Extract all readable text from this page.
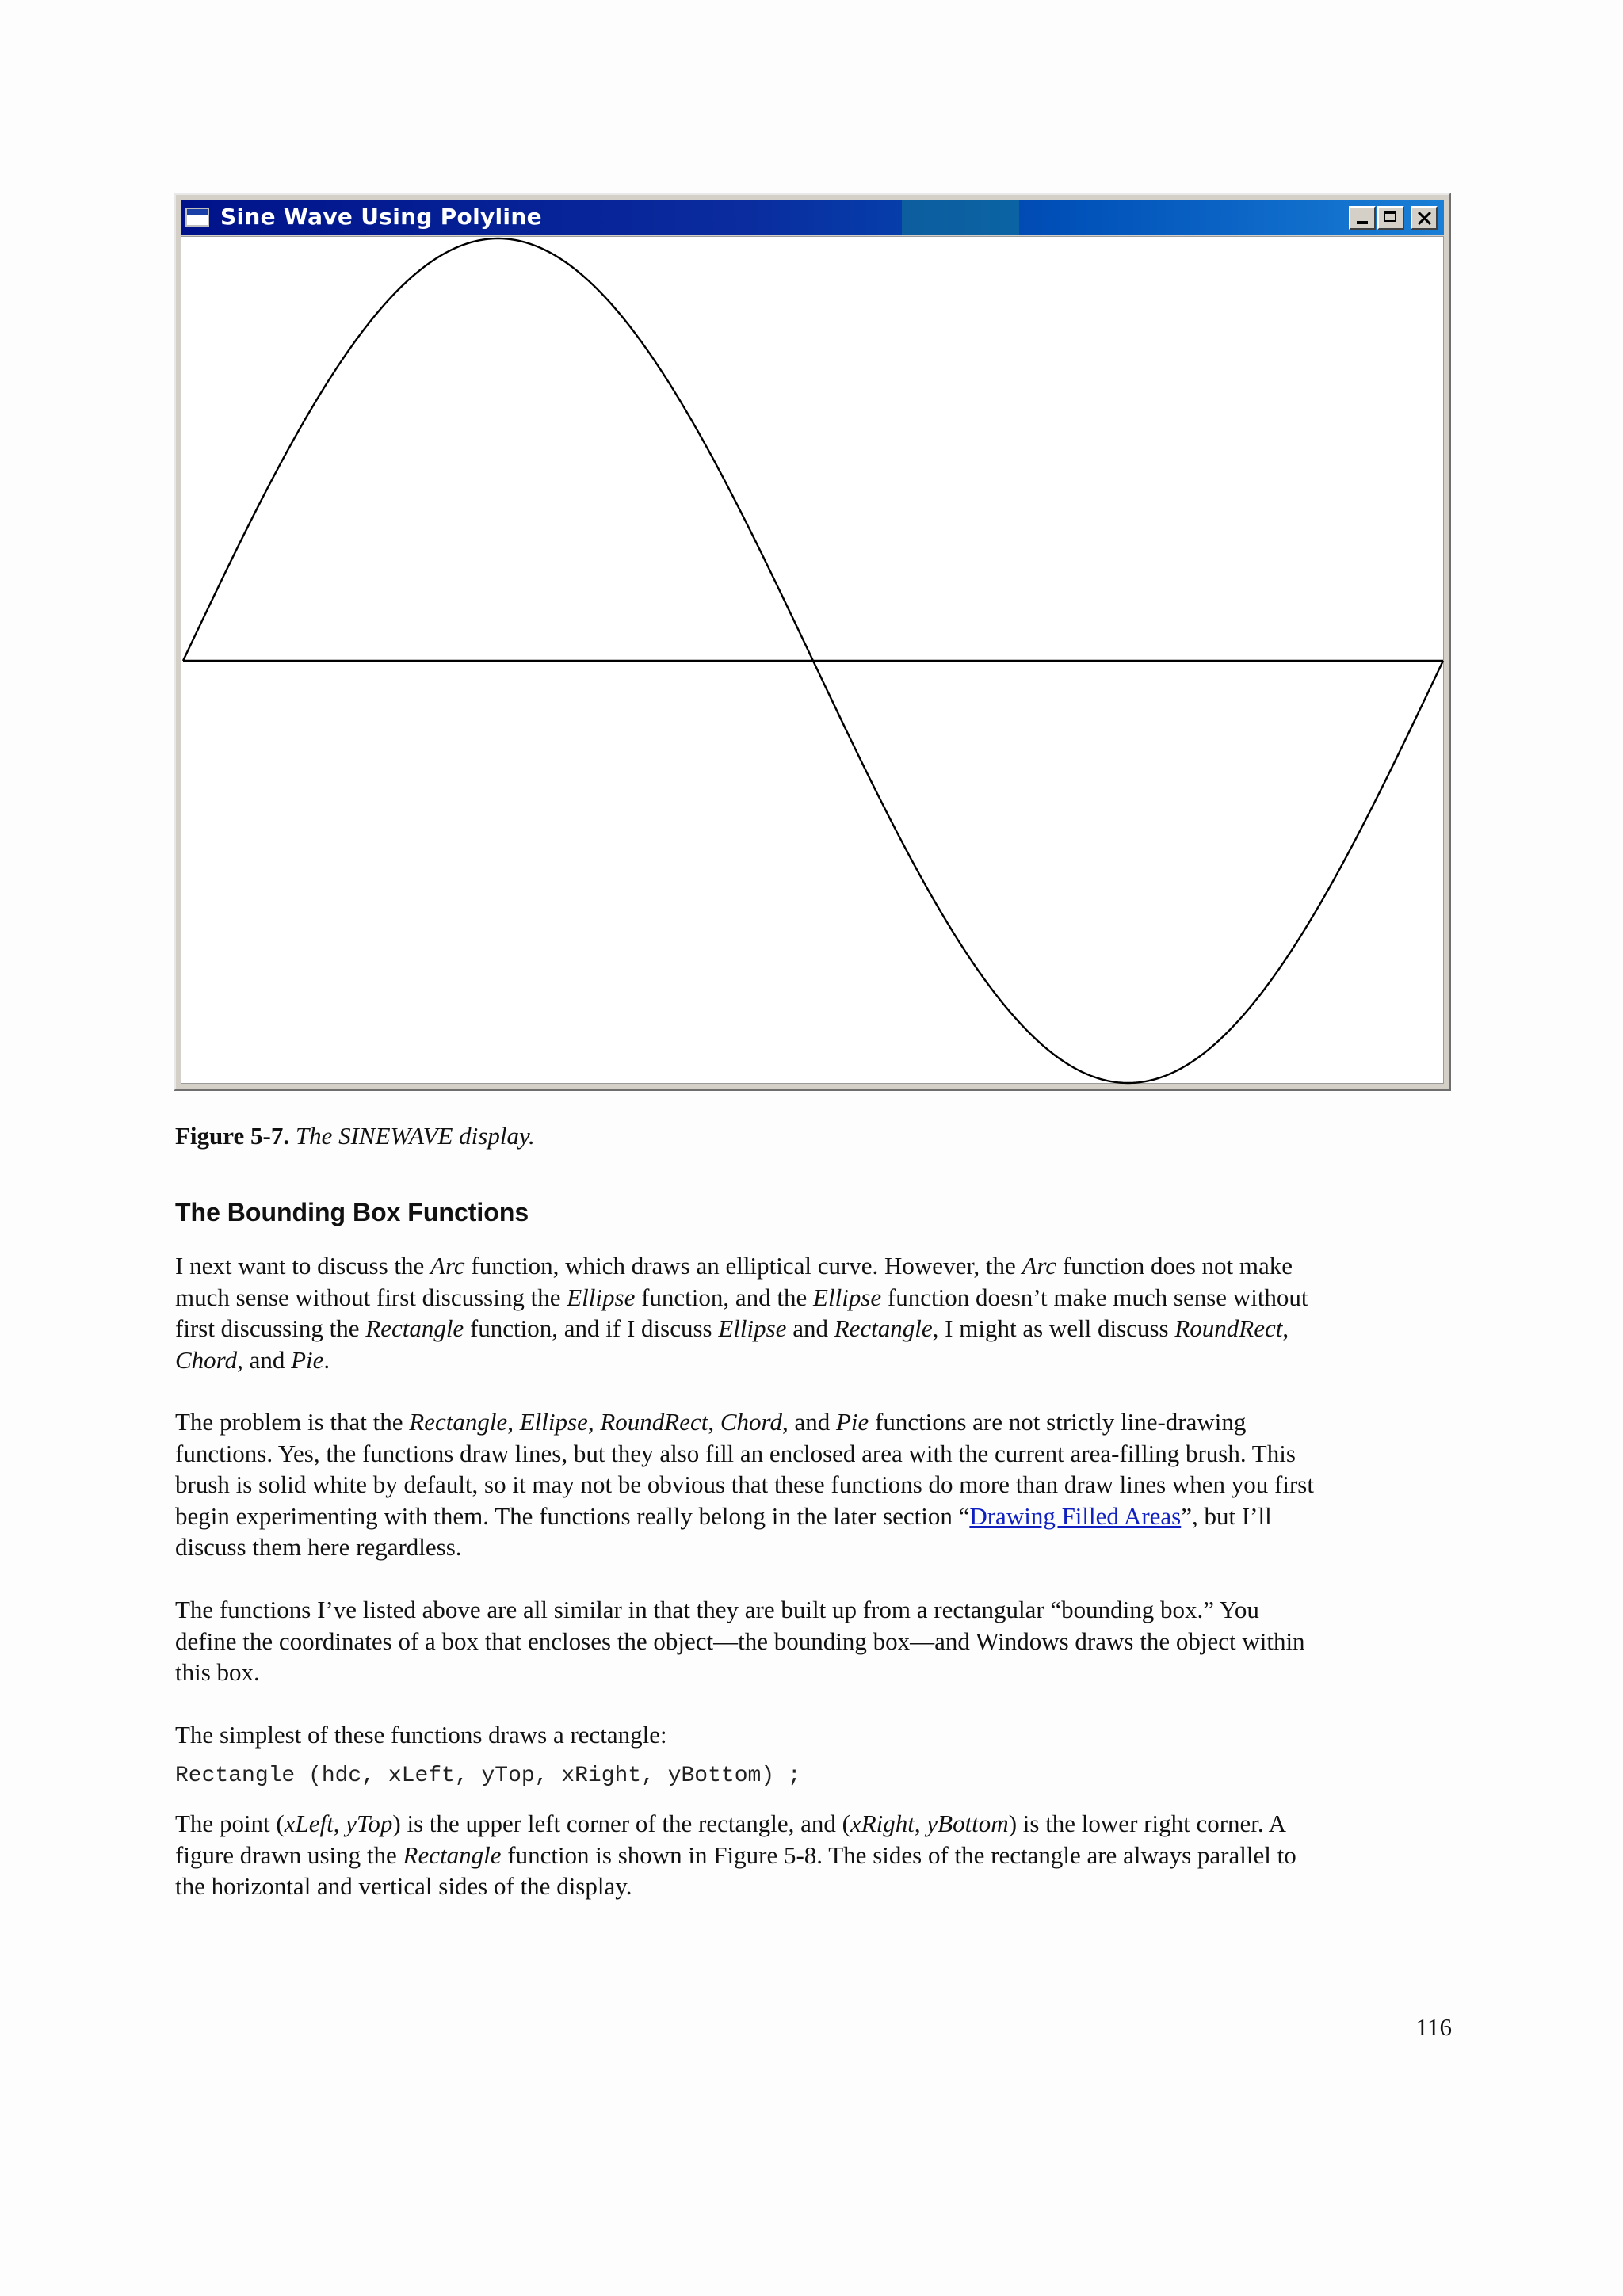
Sine Wave Using Polyline
Figure 5-7. The SINEWAVE display.
The Bounding Box Functions

I next want to discuss the Arc function, which draws an elliptical curve. However, the Arc function does not make
much sense without first discussing the Ellipse function, and the Ellipse function doesn’t make much sense without
first discussing the Rectangle function, and if I discuss Ellipse and Rectangle, I might as well discuss RoundRect,
Chord, and Pie.

The problem is that the Rectangle, Ellipse, RoundRect, Chord, and Pie functions are not strictly line-drawing
functions. Yes, the functions draw lines, but they also fill an enclosed area with the current area-filling brush. This
brush is solid white by default, so it may not be obvious that these functions do more than draw lines when you first
begin experimenting with them. The functions really belong in the later section “Drawing Filled Areas”, but I’ll
discuss them here regardless.

The functions I’ve listed above are all similar in that they are built up from a rectangular “bounding box.” You
define the coordinates of a box that encloses the object—the bounding box—and Windows draws the object within
this box.

The simplest of these functions draws a rectangle:

Rectangle (hdc, xLeft, yTop, xRight, yBottom) ;

The point (xLeft, yTop) is the upper left corner of the rectangle, and (xRight, yBottom) is the lower right corner. A
figure drawn using the Rectangle function is shown in Figure 5-8. The sides of the rectangle are always parallel to
the horizontal and vertical sides of the display.

116
